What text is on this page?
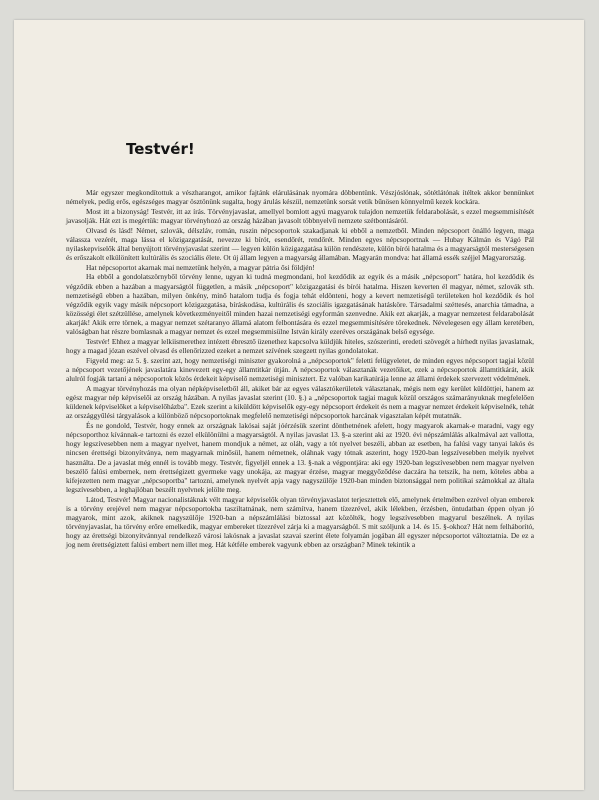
Testvér!

Már egyszer megkondítottuk a vészharangot, amikor fajtánk elárulásának nyomára döbbentünk. Vészjóslónak, sötétlátónak ítéltek akkor bennünket némelyek, pedig erős, egészséges magyar ösztönünk sugalta, hogy árulás készül, nemzetünk sorsát vetik bűnösen könnyelmű kezek kockára.

Most itt a bizonyság! Testvér, itt az írás. Törvényjavaslat, amellyel bomlott agyú magyarok tulajdon nemzetük feldarabolását, s ezzel megsemmisítését javasolják. Hát ezt is megértük: magyar törvényhozó az ország házában javasolt többnyelvű nemzete szétbontásáról.

Olvasd és lásd! Német, szlovák, délszláv, román, ruszin népcsoportok szakadjanak ki ebből a nemzetből. Minden népcsoport önálló legyen, maga válassza vezérét, maga lássa el közigazgatását, nevezze ki bírót, esendőrét, rendőrét. Minden egyes népcsoportnak — Hubay Kálmán és Vágó Pál nyilaskepviselők által benyújtott törvényjavaslat szerint — legyen külön közigazgatása külön rendészete, külön bírói hatalma és a magyarságtól mesterségesen és erőszakolt elkülönített kultúrális és szociális élete. Ot új állam legyen a magyarság államában. Magyarán mondva: hat államá essék széjjel Magyarország.

Hat népcsoportot akarnak mai nemzetünk helyén, a magyar pátria ősi földjén!

Ha ebből a gondolatszörnyből törvény lenne, ugyan ki tudná megmondani, hol kezdődik az egyik és a másik „népcsoport" határa, hol kezdődik és végződik ebben a hazában a magyarságtól független, a másik „népcsoport" közigazgatási és bírói hatalma. Hiszen keverten él magyar, német, szlovák sth. nemzetiségű ebben a hazában, milyen önkény, minő hatalom tudja és fogja tehát eldönteni, hogy a kevert nemzetiségű területeken hol kezdődik és hol végződik egyik vagy másik népcsoport közigazgatása, bíráskodása, kultúrális és szociális igazgatásának hatásköre. Társadalmi széttesés, anarchia támadna, a közösségi élet szétzüllése, amelynek következményeitől minden hazai nemzetiségi egyformán szenvedne. Akik ezt akarják, a magyar nemzetest feldarabolását akarják! Akik erre törnek, a magyar nemzet szétaranyo államá alatom felbontására és ezzel megsemmisítésére törekednek. Névelegesen egy állam keretében, valóságban hat részre bomlasnak a magyar nemzet és ezzel megsemmisülne István király ezeréves országának belső egysége.

Testvér! Ehhez a magyar lelkiismerethez intézett ébresztő üzenethez kapcsolva küldjük hiteles, szószerinti, eredeti szövegét a hírhedt nyilas javaslatnak, hogy a magad józan eszével olvasd és ellenőrizzed ezeket a nemzet szívének szegzett nyilas gondolatokat.

Figyeld meg: az 5. §. szerint azt, hogy nemzetiségi miniszter gyakorolná a „népcsoportok" feletti felügyeletet, de minden egyes népcsoport tagjai közül a népcsoport vezetőjének javaslatára kinevezett egy-egy államtitkár útján. A népcsoportok választanák vezetőiket, ezek a népcsoportok államtitkárát, akik alulról fogják tartani a népcsoportok közös érdekeit képviselő nemzetiségi minisztert. Ez valóban karikatúrája lenne az állami érdekek szervezett védelmének.

A magyar törvényhozás ma olyan népképviseletből áll, akiket bár az egyes választókerületek választanak, mégis nem egy kerület küldöttjei, hanem az egész magyar nép képviselői az ország házában. A nyilas javaslat szerint (10. §.) a „népcsoportok tagjai maguk közül országos számarányuknak megfelelően küldenek képviselőket a képviselőházba". Ezek szerint a kiküldött képviselők egy-egy népcsoport érdekeit és nem a magyar nemzet érdekeit képviselnék, tehát az országgyűlési tárgyalások a különböző népcsoportoknak megfelelő nemzetiségi népcsoportok harcának vigasztalan képét mutatnák.

És ne gondold, Testvér, hogy ennek az országnak lakósai saját jóérzésük szerint dönthetnének afelett, hogy magyarok akarnak-e maradni, vagy egy népcsoporthoz kívánnak-e tartozni és ezzel elkülönülni a magyarságtól. A nyilas javaslat 13. §-a szerint aki az 1920. évi népszámlálás alkalmával azt vallotta, hogy legszívesebben nem a magyar nyelvet, hanem mondjuk a német, az oláh, vagy a tót nyelvet beszéli, abban az esetben, ha falúsi vagy tanyai lakós és nincsen érettségi bizonyítványa, nem magyarnak minősül, hanem németnek, oláhnak vagy tótnak aszerint, hogy 1920-ban legszívesebben melyik nyelvet használta. De a javaslat még ennél is tovább megy. Testvér, figyeljél ennek a 13. §-nak a végpontjára: aki egy 1920-ban legszívesebben nem magyar nyelven beszélő falúsi embernek, nem érettségizett gyermeke vagy unokája, az magyar érzése, magyar meggyőződése daczára ha tetszik, ha nem, köteles abba a kifejezetten nem magyar „népcsoportba" tartozni, amelynek nyelvét apja vagy nagyszülője 1920-ban minden biztonsággal nem politikai számokkal az általa legszívesebben, a leghajlóban beszélt nyelvnek jelölte meg.

Látod, Testvér! Magyar nacionalistáknak vélt magyar képviselők olyan törvényjavaslatot terjesztettek elő, amelynek értelmében ezrével olyan emberek is a törvény erejével nem magyar népcsoportokba tasziltatnának, nem számítva, hanem tízezrével, akik lélekben, érzésben, öntudatban éppen olyan jó magyarok, mint azok, akiknek nagyszülője 1920-ban a népszámlálási biztossal azt közölték, hogy legszívesebben magyarul beszélnek. A nyilas törvényjavaslat, ha törvény erőre emelkedik, magyar embereket tízezrével zárja ki a magyarságból. S mit szóljunk a 14. és 15. §-okhoz? Hát nem felháborító, hogy az érettségi bizonyítvánnyal rendelkező városi lakósnak a javaslat szavai szerint élete folyamán jogában áll egyszer népcsoportot változtatnia. De ez a jog nem érettségiztett falúsi embert nem illet meg. Hát kétféle emberek vagyunk ebben az országban? Minek tekintik a
